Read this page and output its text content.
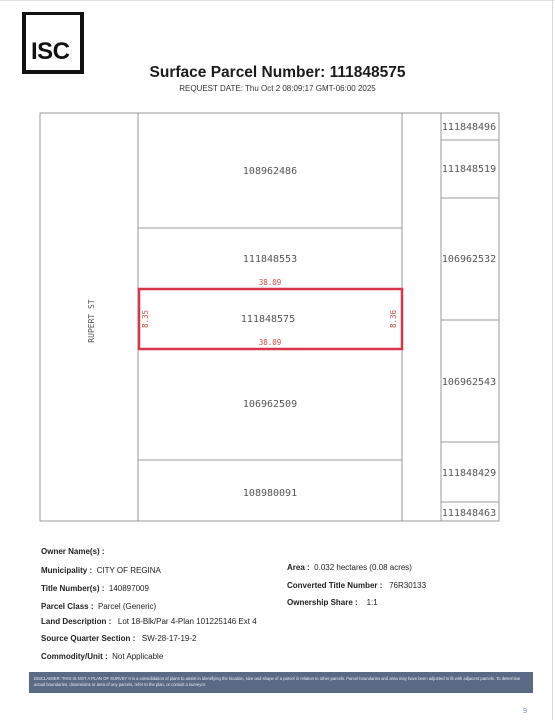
ISC
Surface Parcel Number: 111848575
REQUEST DATE: Thu Oct 2 08:09:17 GMT-06:00 2025
108962486
111848553
111848575
106962509
108980091
111848496
111848519
106962532
106962543
111848429
111848463
38.09
38.09
8.35	8.36
RUPERT ST
Owner Name(s) :
Municipality : CITY OF REGINA
Title Number(s) : 140897009
Parcel Class : Parcel (Generic)
Land Description : Lot 18-Blk/Par 4-Plan 101225146 Ext 4
Source Quarter Section : SW-28-17-19-2
Commodity/Unit : Not Applicable
Area : 0.032 hectares (0.08 acres)
Converted Title Number : 76R30133
Ownership Share : 1:1
DISCLAIMER: THIS IS NOT A PLAN OF SURVEY It is a consolidation of plans to assist in identifying the location, size and shape of a parcel in relation to other parcels. Parcel boundaries and area may have been adjusted to fit with adjacent parcels. To determine actual boundaries, dimensions or area of any parcels, refer to the plan, or consult a surveyor.
9
